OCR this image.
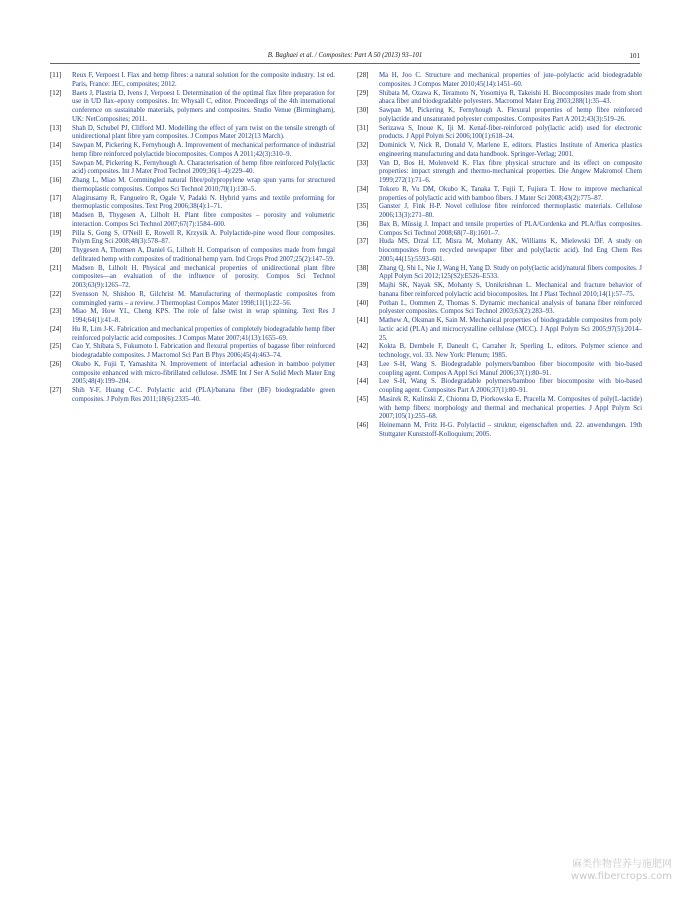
B. Baghaei et al. / Composites: Part A 50 (2013) 93–101	101

[11]	Reux F, Verpoest I. Flax and hemp fibres: a natural solution for the composite industry. 1st ed. Paris, France: JEC, composites; 2012.

[12]	Baets J, Plastria D, Ivens J, Verpoest I. Determination of the optimal flax fibre preparation for use in UD flax–epoxy composites. In: Whysall C, editor. Proceedings of the 4th international conference on sustainable materials, polymers and composites. Studio Venue (Birmingham), UK: NetComposites; 2011.

[13]	Shah D, Schubel PJ, Clifford MJ. Modelling the effect of yarn twist on the tensile strength of unidirectional plant fibre yarn composites. J Compos Mater 2012(13 March).

[14]	Sawpan M, Pickering K, Fernyhough A. Improvement of mechanical performance of industrial hemp fibre reinforced polylactide biocomposites. Compos A 2011;42(3):310–9.

[15]	Sawpan M, Pickering K, Fernyhough A. Characterisation of hemp fibre reinforced Poly(lactic acid) composites. Int J Mater Prod Technol 2009;36(1–4):229–40.

[16]	Zhang L, Miao M. Commingled natural fibre/polypropylene wrap spun yarns for structured thermoplastic composites. Compos Sci Technol 2010;70(1):130–5.

[17]	Alagirusamy R, Fangueiro R, Ogale V, Padaki N. Hybrid yarns and textile preforming for thermoplastic composites. Text Prog 2006;38(4):1–71.

[18]	Madsen B, Thygesen A, Lilholt H. Plant fibre composites – porosity and volumetric interaction. Compos Sci Technol 2007;67(7):1584–600.

[19]	Pilla S, Gong S, O'Neill E, Rowell R, Krzysik A. Polylactide-pine wood flour composites. Polym Eng Sci 2008;48(3):578–87.

[20]	Thygesen A, Thomsen A, Daniel G, Lilholt H. Comparison of composites made from fungal defibrated hemp with composites of traditional hemp yarn. Ind Crops Prod 2007;25(2):147–59.

[21]	Madsen B, Lilholt H. Physical and mechanical properties of unidirectional plant fibre composites—an evaluation of the influence of porosity. Compos Sci Technol 2003;63(9):1265–72.

[22]	Svensson N, Shishoo R, Gilchrist M. Manufacturing of thermoplastic composites from commingled yarns – a review. J Thermoplast Compos Mater 1998;11(1):22–56.

[23]	Miao M, How YL, Cheng KPS. The role of false twist in wrap spinning. Text Res J 1994;64(1):41–8.

[24]	Hu R, Lim J-K. Fabrication and mechanical properties of completely biodegradable hemp fiber reinforced polylactic acid composites. J Compos Mater 2007;41(13):1655–69.

[25]	Cao Y, Shibata S, Fukumoto I. Fabrication and flexural properties of bagasse fiber reinforced biodegradable composites. J Macromol Sci Part B Phys 2006;45(4):463–74.

[26]	Okubo K, Fujii T, Yamashita N. Improvement of interfacial adhesion in bamboo polymer composite enhanced with micro-fibrillated cellulose. JSME Int J Ser A Solid Mech Mater Eng 2005;48(4):199–204.

[27]	Shih Y-F, Huang C-C. Polylactic acid (PLA)/banana fiber (BF) biodegradable green composites. J Polym Res 2011;18(6):2335–40.

[28]	Ma H, Joo C. Structure and mechanical properties of jute–polylactic acid biodegradable composites. J Compos Mater 2010;45(14):1451–60.

[29]	Shibata M, Ozawa K, Teramoto N, Yosomiya R, Takeishi H. Biocomposites made from short abaca fiber and biodegradable polyesters. Macromol Mater Eng 2003;288(1):35–43.

[30]	Sawpan M, Pickering K, Fernyhough A. Flexural properties of hemp fibre reinforced polylactide and unsaturated polyester composites. Composites Part A 2012;43(3):519–26.

[31]	Serizawa S, Inoue K, Iji M. Kenaf-fiber-reinforced poly(lactic acid) used for electronic products. J Appl Polym Sci 2006;100(1):618–24.

[32]	Dominick V, Nick R, Donald V, Marlene E, editors. Plastics Institute of America plastics engineering manufacturing and data handbook. Springer-Verlag; 2001.

[33]	Van D, Bos H, Molenveld K. Flax fibre physical structure and its effect on composite properties: impact strength and thermo-mechanical properties. Die Angew Makromol Chem 1999;272(1):71–6.

[34]	Tokoro R, Vu DM, Okubo K, Tanaka T, Fujii T, Fujiura T. How to improve mechanical properties of polylactic acid with bamboo fibers. J Mater Sci 2008;43(2):775–87.

[35]	Ganster J, Fink H-P. Novel cellulose fibre reinforced thermoplastic materials. Cellulose 2006;13(3):271–80.

[36]	Bax B, Müssig J. Impact and tensile properties of PLA/Cordenka and PLA/flax composites. Compos Sci Technol 2008;68(7–8):1601–7.

[37]	Huda MS, Drzal LT, Misra M, Mohanty AK, Williams K, Mielewski DF. A study on biocomposites from recycled newspaper fiber and poly(lactic acid). Ind Eng Chem Res 2005;44(15):5593–601.

[38]	Zhang Q, Shi L, Nie J, Wang H, Yang D. Study on poly(lactic acid)/natural fibers composites. J Appl Polym Sci 2012;125(S2):E526–E533.

[39]	Majhi SK, Nayak SK, Mohanty S, Unnikrishnan L. Mechanical and fracture behavior of banana fiber reinforced polylactic acid biocomposites. Int J Plast Technol 2010;14(1):57–75.

[40]	Pothan L, Oommen Z, Thomas S. Dynamic mechanical analysis of banana fiber reinforced polyester composites. Compos Sci Technol 2003;63(2):283–93.

[41]	Mathew A, Oksman K, Sain M. Mechanical properties of biodegradable composites from poly lactic acid (PLA) and microcrystalline cellulose (MCC). J Appl Polym Sci 2005;97(5):2014–25.

[42]	Kokta B, Dembele F, Daneult C, Carraher Jr, Sperling L, editors. Polymer science and technology, vol. 33. New York: Plenum; 1985.

[43]	Lee S-H, Wang S. Biodegradable polymers/bamboo fiber biocomposite with bio-based coupling agent. Compos A Appl Sci Manuf 2006;37(1):80–91.

[44]	Lee S-H, Wang S. Biodegradable polymers/bamboo fiber biocomposite with bio-based coupling agent. Composites Part A 2006;37(1):80–91.

[45]	Masirek R, Kulinski Z, Chionna D, Piorkowska E, Pracella M. Composites of poly(L-lactide) with hemp fibers: morphology and thermal and mechanical properties. J Appl Polym Sci 2007;105(1):255–68.

[46]	Heinemann M, Fritz H-G. Polylactid – struktur, eigenschaften und. 22. anwendungen. 19th Stuttgater Kunststoff-Kolloquium; 2005.

麻类作物营养与施肥网
www.fibercrops.com
